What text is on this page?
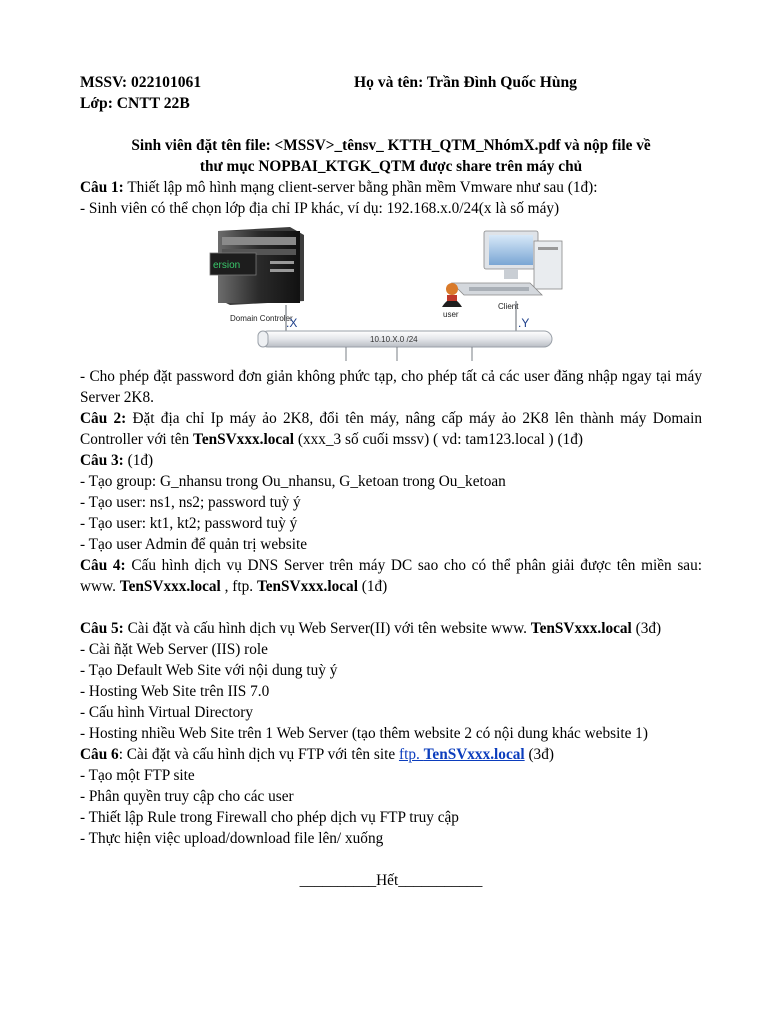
MSSV: 022101061	Họ và tên: Trần Đình Quốc Hùng
Lớp: CNTT 22B
Sinh viên đặt tên file: <MSSV>_tênsv_ KTTH_QTM_NhómX.pdf và nộp file về
thư mục NOPBAI_KTGK_QTM được share trên máy chủ

Câu 1: Thiết lập mô hình mạng client-server bằng phần mềm Vmware như sau (1đ):

- Sinh viên có thể chọn lớp địa chỉ IP khác, ví dụ: 192.168.x.0/24(x là số máy)

ersion
Domain Controler	user
Client
.X	.Y
10.10.X.0 /24

- Cho phép đặt password đơn giản không phức tạp, cho phép tất cả các user đăng nhập ngay tại máy Server 2K8.

Câu 2: Đặt địa chỉ Ip máy ảo 2K8, đổi tên máy, nâng cấp máy ảo 2K8 lên thành máy Domain Controller với tên TenSVxxx.local (xxx_3 số cuối mssv) ( vd: tam123.local ) (1đ)

Câu 3: (1đ)

- Tạo group: G_nhansu trong Ou_nhansu, G_ketoan trong Ou_ketoan

- Tạo user: ns1, ns2; password tuỳ ý

- Tạo user: kt1, kt2; password tuỳ ý

- Tạo user Admin để quản trị website

Câu 4: Cấu hình dịch vụ DNS Server trên máy DC sao cho có thể phân giải được tên miền sau: www. TenSVxxx.local , ftp. TenSVxxx.local (1đ)

Câu 5: Cài đặt và cấu hình dịch vụ Web Server(II) với tên website www. TenSVxxx.local (3đ)

- Cài ñặt Web Server (IIS) role

- Tạo Default Web Site với nội dung tuỳ ý

- Hosting Web Site trên IIS 7.0

- Cấu hình Virtual Directory

- Hosting nhiều Web Site trên 1 Web Server (tạo thêm website 2 có nội dung khác website 1)

Câu 6: Cài đặt và cấu hình dịch vụ FTP với tên site ftp. TenSVxxx.local (3đ)

- Tạo một FTP site

- Phân quyền truy cập cho các user

- Thiết lập Rule trong Firewall cho phép dịch vụ FTP truy cập

- Thực hiện việc upload/download file lên/ xuống

__________Hết___________
